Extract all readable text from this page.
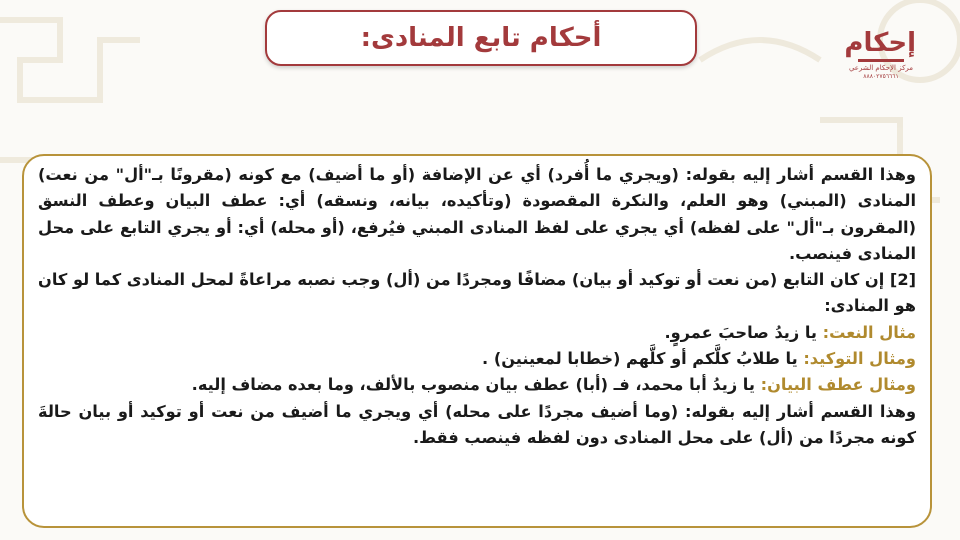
إحكام
مركز الإحكام الشرعي
٨٨٨٠٢٧٥٦٦٦١
أحكام تابع المنادى:

وهذا القسم أشار إليه بقوله: (ويجري ما أُفرد) أي عن الإضافة (أو ما أضيف) مع كونه (مقرونًا بـ"أل" من نعت) المنادى (المبني) وهو العلم، والنكرة المقصودة (وتأكيده، بيانه، ونسقه) أي: عطف البيان وعطف النسق (المقرون بـ"أل" على لفظه) أي يجري على لفظ المنادى المبني فيُرفع، (أو محله) أي: أو يجري التابع على محل المنادى فينصب.

[2] إن كان التابع (من نعت أو توكيد أو بيان) مضافًا ومجردًا من (أل) وجب نصبه مراعاةً لمحل المنادى كما لو كان هو المنادى:

مثال النعت: يا زيدُ صاحبَ عمروٍ.

ومثال التوكيد: يا طلابُ كلَّكم أو كلَّهم (خطابا لمعينين) .

ومثال عطف البيان: يا زيدُ أبا محمد، فـ (أبا) عطف بيان منصوب بالألف، وما بعده مضاف إليه.

وهذا القسم أشار إليه بقوله: (وما أضيف مجردًا على محله) أي ويجري ما أضيف من نعت أو توكيد أو بيان حالةَ كونه مجردًا من (أل) على محل المنادى دون لفظه فينصب فقط.
